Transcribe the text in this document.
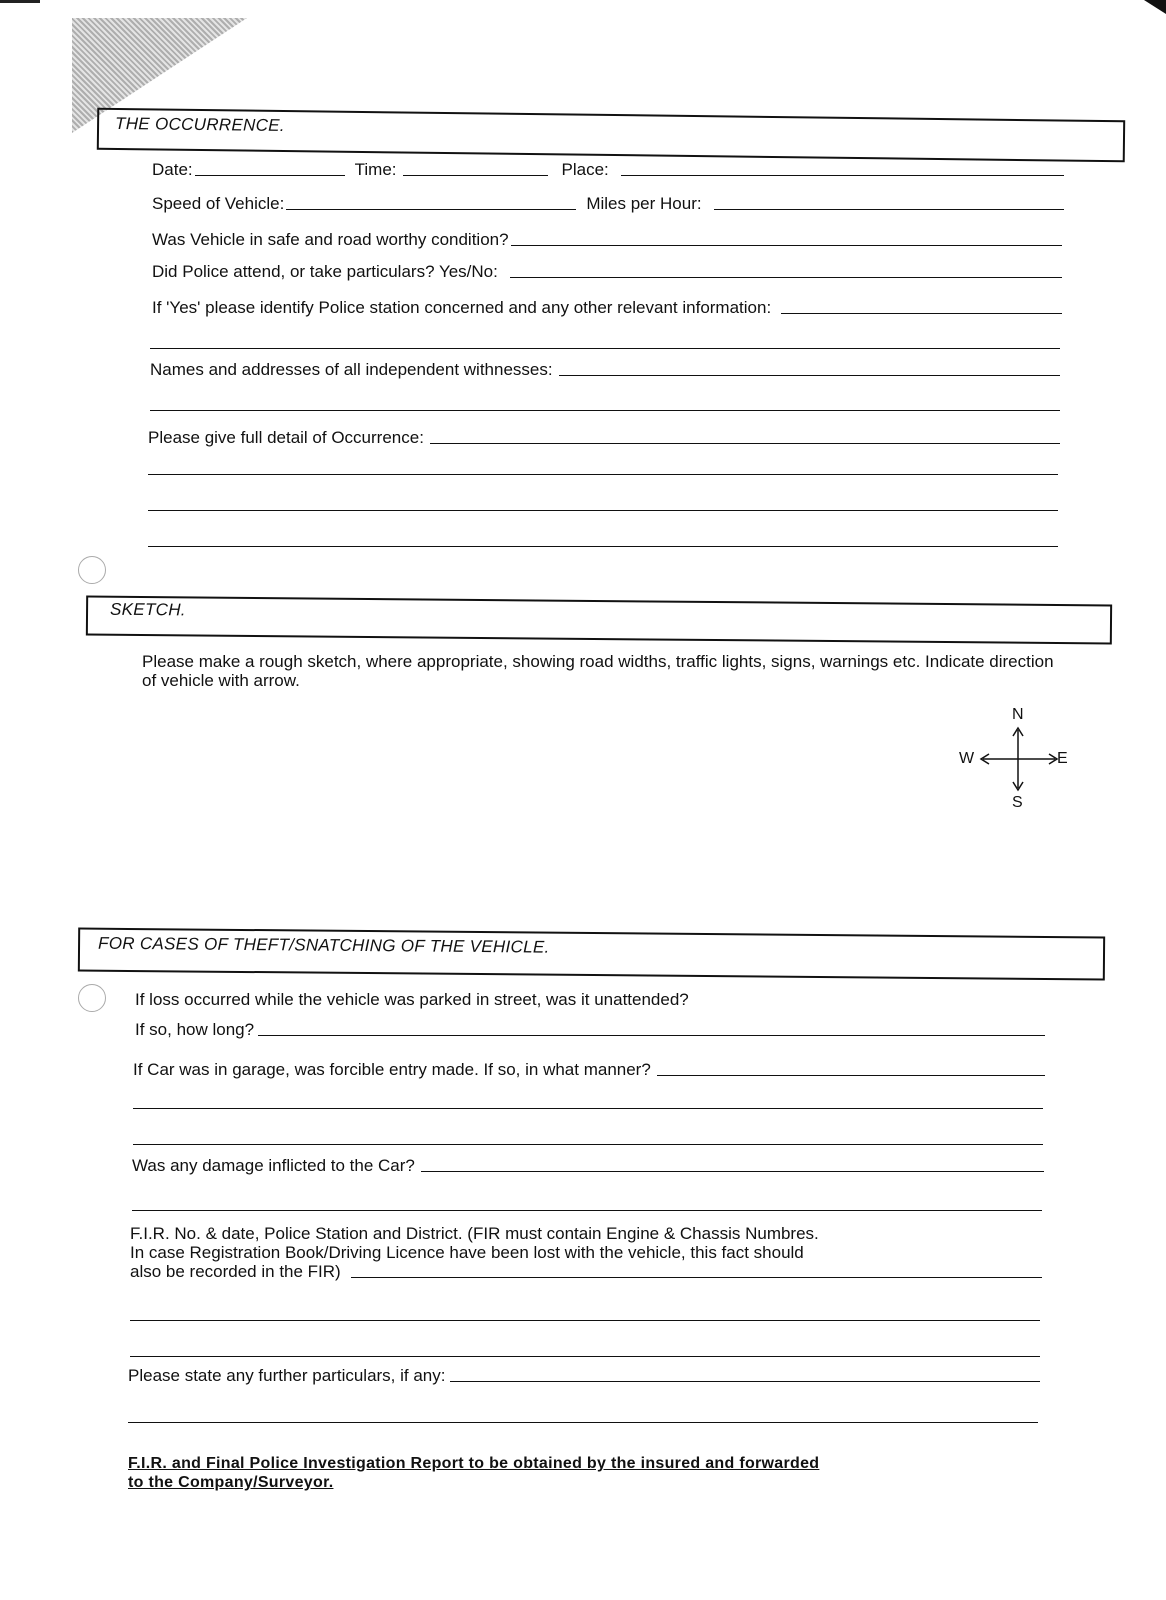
THE OCCURRENCE.
Date:	Time:	Place:
Speed of Vehicle:	Miles per Hour:
Was Vehicle in safe and road worthy condition?
Did Police attend, or take particulars? Yes/No:
If 'Yes' please identify Police station concerned and any other relevant information:
Names and addresses of all independent withnesses:
Please give full detail of Occurrence:
SKETCH.
Please make a rough sketch, where appropriate, showing road widths, traffic lights, signs, warnings etc. Indicate direction of vehicle with arrow.
N
W	E
S
FOR CASES OF THEFT/SNATCHING OF THE VEHICLE.
If loss occurred while the vehicle was parked in street, was it unattended?
If so, how long?
If Car was in garage, was forcible entry made. If so, in what manner?
Was any damage inflicted to the Car?
F.I.R. No. & date, Police Station and District. (FIR must contain Engine & Chassis Numbres.
In case Registration Book/Driving Licence have been lost with the vehicle, this fact should
also be recorded in the FIR)
Please state any further particulars, if any:
F.I.R. and Final Police Investigation Report to be obtained by the insured and forwarded
to the Company/Surveyor.
